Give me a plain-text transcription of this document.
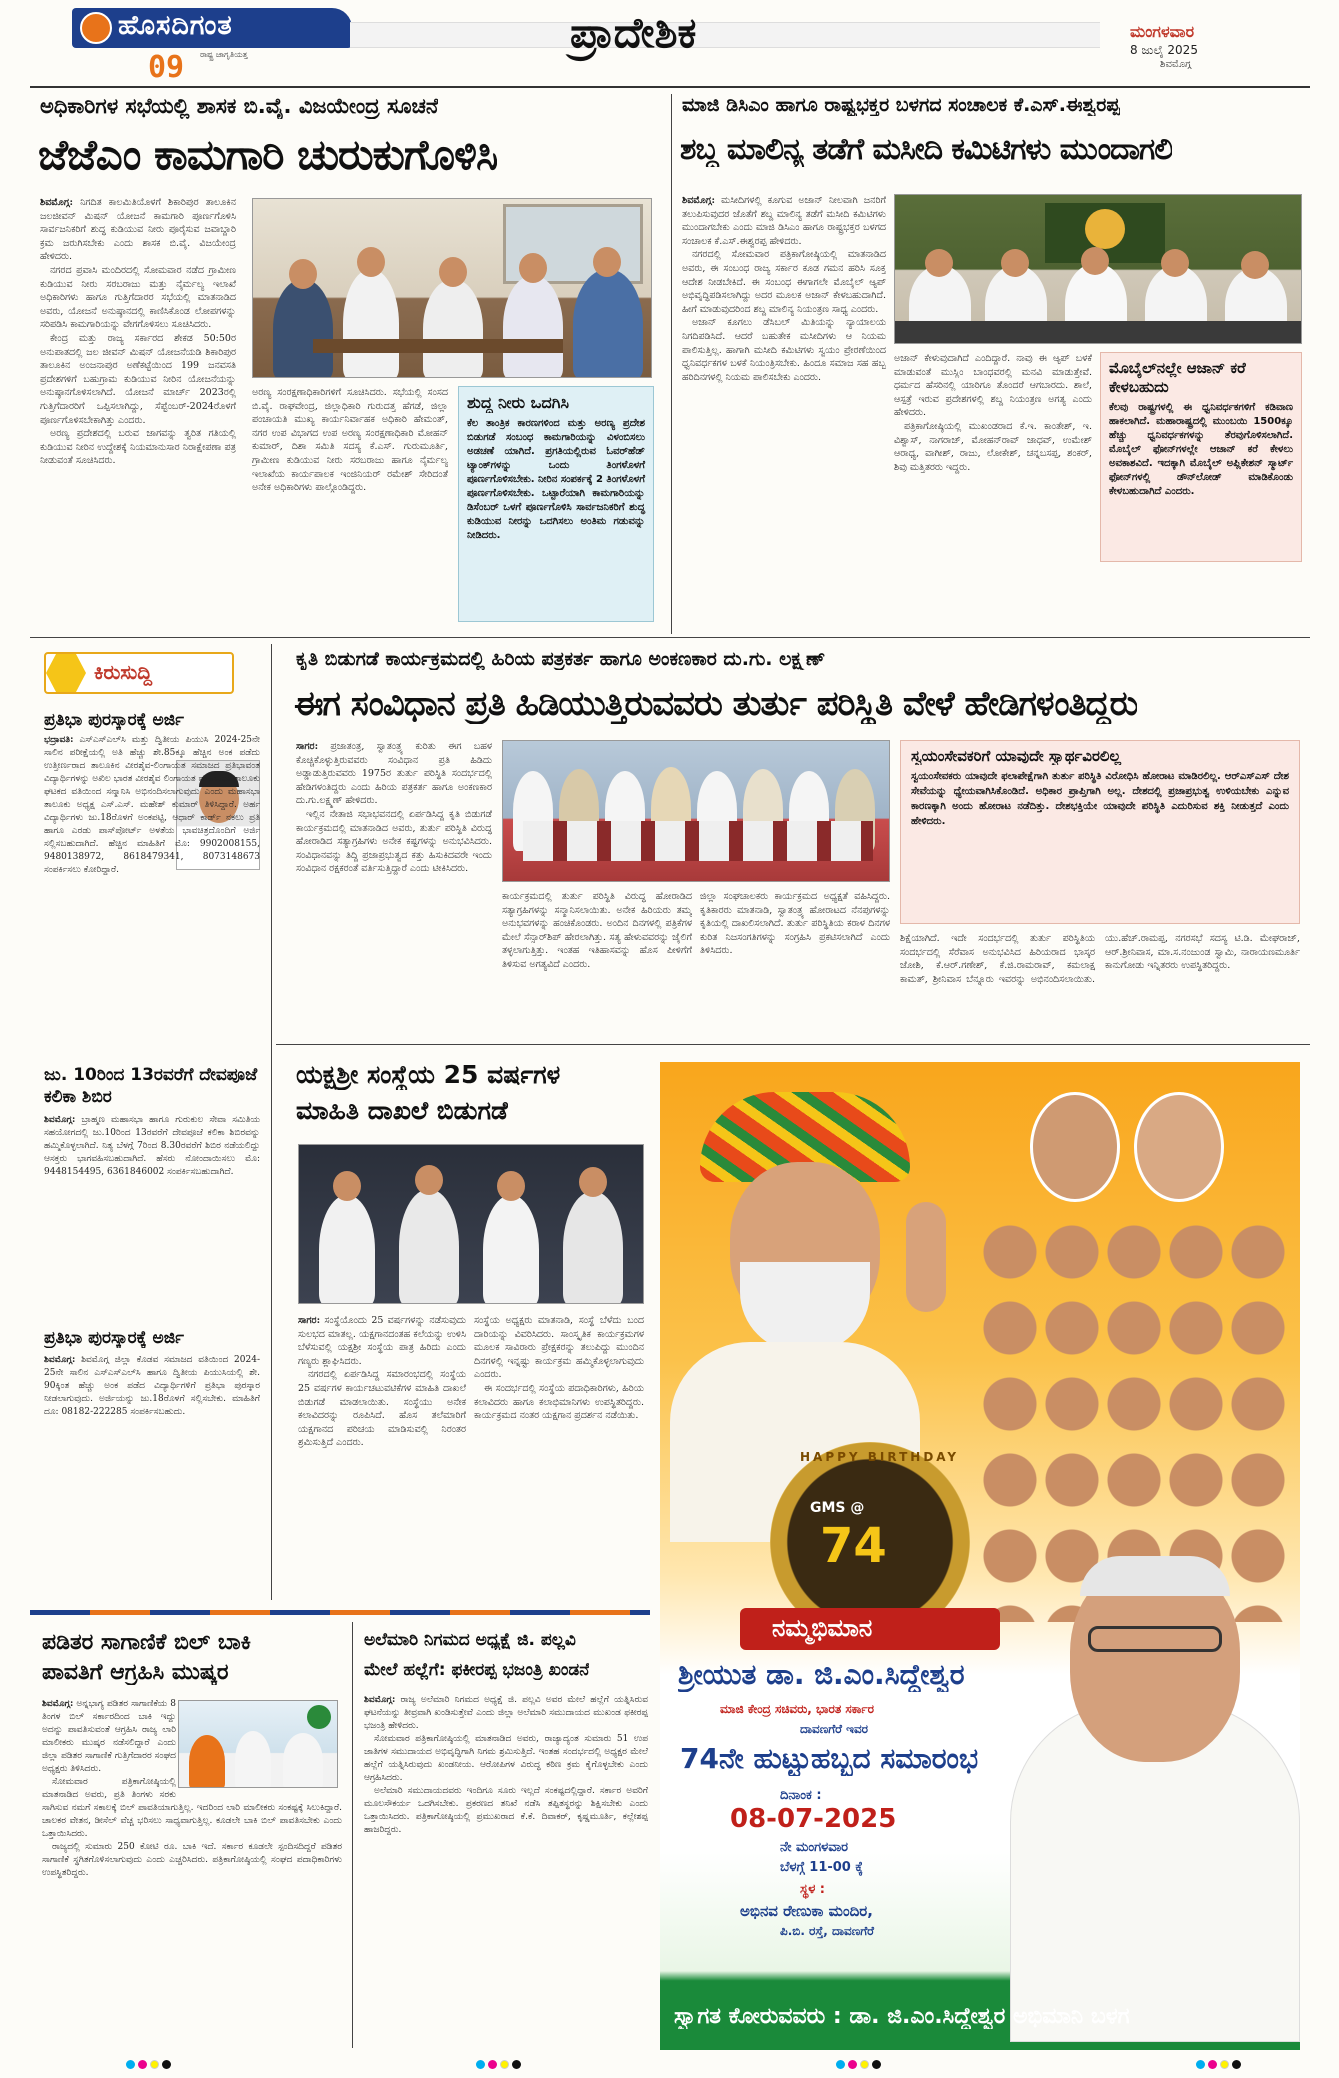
ಹೊಸದಿಗಂತ
ರಾಷ್ಟ್ರ ಜಾಗೃತಿಯತ್ತ
09
ಪ್ರಾದೇಶಿಕ	ಮಂಗಳವಾರ
8 ಜುಲೈ 2025
ಶಿವಮೊಗ್ಗ
ಅಧಿಕಾರಿಗಳ ಸಭೆಯಲ್ಲಿ ಶಾಸಕ ಬಿ.ವೈ. ವಿಜಯೇಂದ್ರ ಸೂಚನೆ
ಜೆಜೆಎಂ ಕಾಮಗಾರಿ ಚುರುಕುಗೊಳಿಸಿ
ಶಿವಮೊಗ್ಗ: ನಿಗದಿತ ಕಾಲಮಿತಿಯೊಳಗೆ ಶಿಕಾರಿಪುರ ತಾಲೂಕಿನ ಜಲಜೀವನ್ ಮಿಷನ್ ಯೋಜನೆ ಕಾಮಗಾರಿ ಪೂರ್ಣಗೊಳಿಸಿ ಸಾರ್ವಜನಿಕರಿಗೆ ಶುದ್ಧ ಕುಡಿಯುವ ನೀರು ಪೂರೈಸುವ ಜವಾಬ್ದಾರಿ ಕ್ರಮ ಜರುಗಿಸಬೇಕು ಎಂದು ಶಾಸಕ ಬಿ.ವೈ. ವಿಜಯೇಂದ್ರ ಹೇಳಿದರು.

ನಗರದ ಪ್ರವಾಸಿ ಮಂದಿರದಲ್ಲಿ ಸೋಮವಾರ ನಡೆದ ಗ್ರಾಮೀಣ ಕುಡಿಯುವ ನೀರು ಸರಬರಾಜು ಮತ್ತು ನೈರ್ಮಲ್ಯ ಇಲಾಖೆ ಅಧಿಕಾರಿಗಳು ಹಾಗೂ ಗುತ್ತಿಗೆದಾರರ ಸಭೆಯಲ್ಲಿ ಮಾತನಾಡಿದ ಅವರು, ಯೋಜನೆ ಅನುಷ್ಠಾನದಲ್ಲಿ ಕಾಣಿಸಿಕೊಂಡ ಲೋಪಗಳನ್ನು ಸರಿಪಡಿಸಿ ಕಾಮಗಾರಿಯನ್ನು ವೇಗಗೊಳಿಸಲು ಸೂಚಿಸಿದರು.

ಕೇಂದ್ರ ಮತ್ತು ರಾಜ್ಯ ಸರ್ಕಾರದ ಶೇಕಡ 50:50ರ ಅನುಪಾತದಲ್ಲಿ ಜಲ ಜೀವನ್ ಮಿಷನ್ ಯೋಜನೆಯಡಿ ಶಿಕಾರಿಪುರ ತಾಲೂಕಿನ ಅಂಜನಾಪುರ ಅಣೆಕಟ್ಟೆಯಿಂದ 199 ಜನವಸತಿ ಪ್ರದೇಶಗಳಿಗೆ ಬಹುಗ್ರಾಮ ಕುಡಿಯುವ ನೀರಿನ ಯೋಜನೆಯನ್ನು ಅನುಷ್ಠಾನಗೊಳಿಸಲಾಗಿದೆ. ಯೋಜನೆ ಮಾರ್ಚ್ 2023ರಲ್ಲಿ ಗುತ್ತಿಗೆದಾರರಿಗೆ ಒಪ್ಪಿಸಲಾಗಿದ್ದು, ಸೆಪ್ಟೆಂಬರ್-2024ರೊಳಗೆ ಪೂರ್ಣಗೊಳಿಸಬೇಕಾಗಿತ್ತು ಎಂದರು.

ಅರಣ್ಯ ಪ್ರದೇಶದಲ್ಲಿ ಬರುವ ಜಾಗವನ್ನು ತ್ವರಿತ ಗತಿಯಲ್ಲಿ ಕುಡಿಯುವ ನೀರಿನ ಉದ್ದೇಶಕ್ಕೆ ನಿಯಮಾನುಸಾರ ನಿರಾಕ್ಷೇಪಣಾ ಪತ್ರ ನೀಡುವಂತೆ ಸೂಚಿಸಿದರು.

ಅರಣ್ಯ ಸಂರಕ್ಷಣಾಧಿಕಾರಿಗಳಿಗೆ ಸೂಚಿಸಿದರು. ಸಭೆಯಲ್ಲಿ ಸಂಸದ ಬಿ.ವೈ. ರಾಘವೇಂದ್ರ, ಜಿಲ್ಲಾಧಿಕಾರಿ ಗುರುದತ್ತ ಹೆಗಡೆ, ಜಿಲ್ಲಾ ಪಂಚಾಯತಿ ಮುಖ್ಯ ಕಾರ್ಯನಿರ್ವಾಹಕ ಅಧಿಕಾರಿ ಹೇಮಂತ್, ನಗರ ಉಪ ವಿಭಾಗದ ಉಪ ಅರಣ್ಯ ಸಂರಕ್ಷಣಾಧಿಕಾರಿ ಮೋಹನ್ ಕುಮಾರ್, ದಿಶಾ ಸಮಿತಿ ಸದಸ್ಯ ಕೆ.ಎಸ್. ಗುರುಮೂರ್ತಿ, ಗ್ರಾಮೀಣ ಕುಡಿಯುವ ನೀರು ಸರಬರಾಜು ಹಾಗೂ ನೈರ್ಮಲ್ಯ ಇಲಾಖೆಯ ಕಾರ್ಯಪಾಲಕ ಇಂಜಿನಿಯರ್ ರಮೇಶ್ ಸೇರಿದಂತೆ ಅನೇಕ ಅಧಿಕಾರಿಗಳು ಪಾಲ್ಗೊಂಡಿದ್ದರು.

ಶುದ್ಧ ನೀರು ಒದಗಿಸಿ
ಕೆಲ ತಾಂತ್ರಿಕ ಕಾರಣಗಳಿಂದ ಮತ್ತು ಅರಣ್ಯ ಪ್ರದೇಶ ಬಿಡುಗಡೆ ಸಂಬಂಧ ಕಾಮಗಾರಿಯನ್ನು ವಿಳಂಬಿಸಲು ಅಡಚಣೆ ಯಾಗಿದೆ. ಪ್ರಗತಿಯಲ್ಲಿರುವ ಓವರ್‌ಹೆಡ್ ಟ್ಯಾಂಕ್‌ಗಳನ್ನು ಒಂದು ತಿಂಗಳೊಳಗೆ ಪೂರ್ಣಗೊಳಿಸಬೇಕು. ನೀರಿನ ಸಂಪರ್ಕಕ್ಕೆ 2 ತಿಂಗಳೊಳಗೆ ಪೂರ್ಣಗೊಳಿಸಬೇಕು. ಒಟ್ಟಾರೆಯಾಗಿ ಕಾಮಗಾರಿಯನ್ನು ಡಿಸೆಂಬರ್ ಒಳಗೆ ಪೂರ್ಣಗೊಳಿಸಿ ಸಾರ್ವಜನಿಕರಿಗೆ ಶುದ್ಧ ಕುಡಿಯುವ ನೀರನ್ನು ಒದಗಿಸಲು ಅಂತಿಮ ಗಡುವನ್ನು ನೀಡಿದರು.
ಮಾಜಿ ಡಿಸಿಎಂ ಹಾಗೂ ರಾಷ್ಟ್ರಭಕ್ತರ ಬಳಗದ ಸಂಚಾಲಕ ಕೆ.ಎಸ್.ಈಶ್ವರಪ್ಪ
ಶಬ್ದ ಮಾಲಿನ್ಯ ತಡೆಗೆ ಮಸೀದಿ ಕಮಿಟಿಗಳು ಮುಂದಾಗಲಿ
ಶಿವಮೊಗ್ಗ: ಮಸೀದಿಗಳಲ್ಲಿ ಕೂಗುವ ಅಜಾನ್ ನೀಲವಾಗಿ ಜನರಿಗೆ ತಲುಪಿಸುವುದರ ಜೊತೆಗೆ ಶಬ್ದ ಮಾಲಿನ್ಯ ತಡೆಗೆ ಮಸೀದಿ ಕಮಿಟಿಗಳು ಮುಂದಾಗಬೇಕು ಎಂದು ಮಾಜಿ ಡಿಸಿಎಂ ಹಾಗೂ ರಾಷ್ಟ್ರಭಕ್ತರ ಬಳಗದ ಸಂಚಾಲಕ ಕೆ.ಎಸ್.ಈಶ್ವರಪ್ಪ ಹೇಳಿದರು.

ನಗರದಲ್ಲಿ ಸೋಮವಾರ ಪತ್ರಿಕಾಗೋಷ್ಠಿಯಲ್ಲಿ ಮಾತನಾಡಿದ ಅವರು, ಈ ಸಂಬಂಧ ರಾಜ್ಯ ಸರ್ಕಾರ ಕೂಡ ಗಮನ ಹರಿಸಿ ಸೂಕ್ತ ಆದೇಶ ನೀಡಬೇಕಿದೆ. ಈ ಸಂಬಂಧ ಈಗಾಗಲೇ ಮೊಬೈಲ್ ಆ್ಯಪ್ ಅಭಿವೃದ್ಧಿಪಡಿಸಲಾಗಿದ್ದು ಅದರ ಮೂಲಕ ಅಜಾನ್ ಕೇಳಬಹುದಾಗಿದೆ. ಹೀಗೆ ಮಾಡುವುದರಿಂದ ಶಬ್ದ ಮಾಲಿನ್ಯ ನಿಯಂತ್ರಣ ಸಾಧ್ಯ ಎಂದರು.

ಅಜಾನ್ ಕೂಗಲು ಡೆಸಿಬಲ್ ಮಿತಿಯನ್ನು ನ್ಯಾಯಾಲಯ ನಿಗದಿಪಡಿಸಿದೆ. ಆದರೆ ಬಹುತೇಕ ಮಸೀದಿಗಳು ಆ ನಿಯಮ ಪಾಲಿಸುತ್ತಿಲ್ಲ. ಹಾಗಾಗಿ ಮಸೀದಿ ಕಮಿಟಿಗಳು ಸ್ವಯಂ ಪ್ರೇರಣೆಯಿಂದ ಧ್ವನಿವರ್ಧಕಗಳ ಬಳಕೆ ನಿಯಂತ್ರಿಸಬೇಕು. ಹಿಂದೂ ಸಮಾಜ ಸಹ ಹಬ್ಬ ಹರಿದಿನಗಳಲ್ಲಿ ನಿಯಮ ಪಾಲಿಸಬೇಕು ಎಂದರು.

ಅಜಾನ್ ಕೇಳುವುದಾಗಿದೆ ಎಂದಿದ್ದಾರೆ. ನಾವು ಈ ಆ್ಯಪ್ ಬಳಕೆ ಮಾಡುವಂತೆ ಮುಸ್ಲಿಂ ಬಾಂಧವರಲ್ಲಿ ಮನವಿ ಮಾಡುತ್ತೇವೆ. ಧರ್ಮದ ಹೆಸರಿನಲ್ಲಿ ಯಾರಿಗೂ ತೊಂದರೆ ಆಗಬಾರದು. ಶಾಲೆ, ಆಸ್ಪತ್ರೆ ಇರುವ ಪ್ರದೇಶಗಳಲ್ಲಿ ಶಬ್ದ ನಿಯಂತ್ರಣ ಅಗತ್ಯ ಎಂದು ಹೇಳಿದರು.

ಪತ್ರಿಕಾಗೋಷ್ಠಿಯಲ್ಲಿ ಮುಖಂಡರಾದ ಕೆ.ಇ. ಕಾಂತೇಶ್, ಇ. ವಿಶ್ವಾಸ್, ನಾಗರಾಜ್, ಮೋಹನ್‌ರಾವ್ ಜಾಧವ್, ಉಮೇಶ್ ಆರಾಧ್ಯ, ವಾಗೀಶ್, ರಾಜು, ಲೋಕೇಶ್, ಚನ್ನಬಸಪ್ಪ, ಶಂಕರ್, ಶಿವು ಮತ್ತಿತರರು ಇದ್ದರು.

ಮೊಬೈಲ್‌ನಲ್ಲೇ ಆಜಾನ್ ಕರೆ ಕೇಳಬಹುದು
ಕೆಲವು ರಾಷ್ಟ್ರಗಳಲ್ಲಿ ಈ ಧ್ವನಿವರ್ಧಕಗಳಿಗೆ ಕಡಿವಾಣ ಹಾಕಲಾಗಿದೆ. ಮಹಾರಾಷ್ಟ್ರದಲ್ಲಿ ಮುಂಬಯಿ 1500ಕ್ಕೂ ಹೆಚ್ಚು ಧ್ವನಿವರ್ಧಕಗಳನ್ನು ತೆರವುಗೊಳಿಸಲಾಗಿದೆ. ಮೊಬೈಲ್ ಫೋನ್‌ಗಳಲ್ಲೇ ಆಜಾನ್ ಕರೆ ಕೇಳಲು ಅವಕಾಶವಿದೆ. ಇದಕ್ಕಾಗಿ ಮೊಬೈಲ್ ಅಪ್ಲಿಕೇಶನ್ ಸ್ಮಾರ್ಟ್ ಫೋನ್‌ಗಳಲ್ಲಿ ಡೌನ್‌ಲೋಡ್ ಮಾಡಿಕೊಂಡು ಕೇಳಬಹುದಾಗಿದೆ ಎಂದರು.
ಕಿರುಸುದ್ದಿ
ಪ್ರತಿಭಾ ಪುರಸ್ಕಾರಕ್ಕೆ ಅರ್ಜಿ
ಭದ್ರಾವತಿ: ಎಸ್‌ಎಸ್‌ಎಲ್‌ಸಿ ಮತ್ತು ದ್ವಿತೀಯ ಪಿಯುಸಿ 2024-25ನೇ ಸಾಲಿನ ಪರೀಕ್ಷೆಯಲ್ಲಿ ಅತಿ ಹೆಚ್ಚು ಶೇ.85ಕ್ಕೂ ಹೆಚ್ಚಿನ ಅಂಕ ಪಡೆದು ಉತ್ತೀರ್ಣರಾದ ತಾಲೂಕಿನ ವೀರಶೈವ-ಲಿಂಗಾಯತ ಸಮಾಜದ ಪ್ರತಿಭಾವಂತ ವಿದ್ಯಾರ್ಥಿಗಳನ್ನು ಅಖಿಲ ಭಾರತ ವೀರಶೈವ ಲಿಂಗಾಯತ ಮಹಾಸಭಾ ತಾಲೂಕು ಘಟಕದ ವತಿಯಿಂದ ಸನ್ಮಾನಿಸಿ ಅಭಿನಂದಿಸಲಾಗುವುದು ಎಂದು ಮಹಾಸಭಾ ತಾಲೂಕು ಅಧ್ಯಕ್ಷ ಎಸ್.ಎಸ್. ಮಹೇಶ್ ಕುಮಾರ್ ತಿಳಿಸಿದ್ದಾರೆ. ಅರ್ಹ ವಿದ್ಯಾರ್ಥಿಗಳು ಜು.18ರೊಳಗೆ ಅಂಕಪಟ್ಟಿ, ಆಧಾರ್ ಕಾರ್ಡ್ ನಕಲು ಪ್ರತಿ ಹಾಗೂ ಎರಡು ಪಾಸ್‌ಪೋರ್ಟ್ ಅಳತೆಯ ಭಾವಚಿತ್ರದೊಂದಿಗೆ ಅರ್ಜಿ ಸಲ್ಲಿಸಬಹುದಾಗಿದೆ. ಹೆಚ್ಚಿನ ಮಾಹಿತಿಗೆ ಮೊ: 9902008155, 9480138972, 8618479341, 8073148673 ಸಂಪರ್ಕಿಸಲು ಕೋರಿದ್ದಾರೆ.
ಜು. 10ರಿಂದ 13ರವರೆಗೆ ದೇವಪೂಜೆ ಕಲಿಕಾ ಶಿಬಿರ
ಶಿವಮೊಗ್ಗ: ಬ್ರಾಹ್ಮಣ ಮಹಾಸಭಾ ಹಾಗೂ ಗುರುಕುಲ ಸೇವಾ ಸಮಿತಿಯ ಸಹಯೋಗದಲ್ಲಿ ಜು.10ರಿಂದ 13ರವರೆಗೆ ದೇವಪೂಜೆ ಕಲಿಕಾ ಶಿಬಿರವನ್ನು ಹಮ್ಮಿಕೊಳ್ಳಲಾಗಿದೆ. ನಿತ್ಯ ಬೆಳಗ್ಗೆ 7ರಿಂದ 8.30ರವರೆಗೆ ಶಿಬಿರ ನಡೆಯಲಿದ್ದು ಆಸಕ್ತರು ಭಾಗವಹಿಸಬಹುದಾಗಿದೆ. ಹೆಸರು ನೋಂದಾಯಿಸಲು ಮೊ: 9448154495, 6361846002 ಸಂಪರ್ಕಿಸಬಹುದಾಗಿದೆ.
ಪ್ರತಿಭಾ ಪುರಸ್ಕಾರಕ್ಕೆ ಅರ್ಜಿ
ಶಿವಮೊಗ್ಗ: ಶಿವಮೊಗ್ಗ ಜಿಲ್ಲಾ ಕೊಡವ ಸಮಾಜದ ವತಿಯಿಂದ 2024-25ನೇ ಸಾಲಿನ ಎಸ್‌ಎಸ್‌ಎಲ್‌ಸಿ ಹಾಗೂ ದ್ವಿತೀಯ ಪಿಯುಸಿಯಲ್ಲಿ ಶೇ. 90ಕ್ಕಿಂತ ಹೆಚ್ಚು ಅಂಕ ಪಡೆದ ವಿದ್ಯಾರ್ಥಿಗಳಿಗೆ ಪ್ರತಿಭಾ ಪುರಸ್ಕಾರ ನೀಡಲಾಗುವುದು. ಅರ್ಜಿಯನ್ನು ಜು.18ರೊಳಗೆ ಸಲ್ಲಿಸಬೇಕು. ಮಾಹಿತಿಗೆ ದೂ: 08182-222285 ಸಂಪರ್ಕಿಸಬಹುದು.
ಕೃತಿ ಬಿಡುಗಡೆ ಕಾರ್ಯಕ್ರಮದಲ್ಲಿ ಹಿರಿಯ ಪತ್ರಕರ್ತ ಹಾಗೂ ಅಂಕಣಕಾರ ದು.ಗು. ಲಕ್ಷ್ಮಣ್
ಈಗ ಸಂವಿಧಾನ ಪ್ರತಿ ಹಿಡಿಯುತ್ತಿರುವವರು ತುರ್ತು ಪರಿಸ್ಥಿತಿ ವೇಳೆ ಹೇಡಿಗಳಂತಿದ್ದರು
ಸಾಗರ: ಪ್ರಜಾತಂತ್ರ, ಸ್ವಾತಂತ್ರ್ಯ ಕುರಿತು ಈಗ ಬಹಳ ಕೊಚ್ಚಿಕೊಳ್ಳುತ್ತಿರುವವರು ಸಂವಿಧಾನ ಪ್ರತಿ ಹಿಡಿದು ಅಡ್ಡಾಡುತ್ತಿರುವವರು 1975ರ ತುರ್ತು ಪರಿಸ್ಥಿತಿ ಸಂದರ್ಭದಲ್ಲಿ ಹೇಡಿಗಳಂತಿದ್ದರು ಎಂದು ಹಿರಿಯ ಪತ್ರಕರ್ತ ಹಾಗೂ ಅಂಕಣಕಾರ ದು.ಗು.ಲಕ್ಷ್ಮಣ್ ಹೇಳಿದರು.

ಇಲ್ಲಿನ ನೇತಾಜಿ ಸಭಾಭವನದಲ್ಲಿ ಏರ್ಪಡಿಸಿದ್ದ ಕೃತಿ ಬಿಡುಗಡೆ ಕಾರ್ಯಕ್ರಮದಲ್ಲಿ ಮಾತನಾಡಿದ ಅವರು, ತುರ್ತು ಪರಿಸ್ಥಿತಿ ವಿರುದ್ಧ ಹೋರಾಡಿದ ಸತ್ಯಾಗ್ರಹಿಗಳು ಅನೇಕ ಕಷ್ಟಗಳನ್ನು ಅನುಭವಿಸಿದರು. ಸಂವಿಧಾನವನ್ನು ತಿದ್ದಿ ಪ್ರಜಾಪ್ರಭುತ್ವದ ಕತ್ತು ಹಿಸುಕಿದವರೇ ಇಂದು ಸಂವಿಧಾನ ರಕ್ಷಕರಂತೆ ವರ್ತಿಸುತ್ತಿದ್ದಾರೆ ಎಂದು ಟೀಕಿಸಿದರು.

ಕಾರ್ಯಕ್ರಮದಲ್ಲಿ ತುರ್ತು ಪರಿಸ್ಥಿತಿ ವಿರುದ್ಧ ಹೋರಾಡಿದ ಸತ್ಯಾಗ್ರಹಿಗಳನ್ನು ಸನ್ಮಾನಿಸಲಾಯಿತು. ಅನೇಕ ಹಿರಿಯರು ತಮ್ಮ ಅನುಭವಗಳನ್ನು ಹಂಚಿಕೊಂಡರು. ಅಂದಿನ ದಿನಗಳಲ್ಲಿ ಪತ್ರಿಕೆಗಳ ಮೇಲೆ ಸೆನ್ಸಾರ್‌ಶಿಪ್ ಹೇರಲಾಗಿತ್ತು. ಸತ್ಯ ಹೇಳುವವರನ್ನು ಜೈಲಿಗೆ ತಳ್ಳಲಾಗುತ್ತಿತ್ತು. ಇಂತಹ ಇತಿಹಾಸವನ್ನು ಹೊಸ ಪೀಳಿಗೆಗೆ ತಿಳಿಸುವ ಅಗತ್ಯವಿದೆ ಎಂದರು.

ಜಿಲ್ಲಾ ಸಂಘಚಾಲಕರು ಕಾರ್ಯಕ್ರಮದ ಅಧ್ಯಕ್ಷತೆ ವಹಿಸಿದ್ದರು. ಕೃತಿಕಾರರು ಮಾತನಾಡಿ, ಸ್ವಾತಂತ್ರ್ಯ ಹೋರಾಟದ ನೆನಪುಗಳನ್ನು ಕೃತಿಯಲ್ಲಿ ದಾಖಲಿಸಲಾಗಿದೆ. ತುರ್ತು ಪರಿಸ್ಥಿತಿಯ ಕರಾಳ ದಿನಗಳ ಕುರಿತ ನಿಜಸಂಗತಿಗಳನ್ನು ಸಂಗ್ರಹಿಸಿ ಪ್ರಕಟಿಸಲಾಗಿದೆ ಎಂದು ತಿಳಿಸಿದರು.

ಸ್ವಯಂಸೇವಕರಿಗೆ ಯಾವುದೇ ಸ್ವಾರ್ಥವಿರಲಿಲ್ಲ
ಸ್ವಯಂಸೇವಕರು ಯಾವುದೇ ಫಲಾಪೇಕ್ಷೆಗಾಗಿ ತುರ್ತು ಪರಿಸ್ಥಿತಿ ವಿರೋಧಿಸಿ ಹೋರಾಟ ಮಾಡಿರಲಿಲ್ಲ. ಆರ್‌ಎಸ್‌ಎಸ್ ದೇಶ ಸೇವೆಯನ್ನು ಧ್ಯೇಯವಾಗಿಸಿಕೊಂಡಿದೆ. ಅಧಿಕಾರ ಪ್ರಾಪ್ತಿಗಾಗಿ ಅಲ್ಲ. ದೇಶದಲ್ಲಿ ಪ್ರಜಾಪ್ರಭುತ್ವ ಉಳಿಯಬೇಕು ಎನ್ನುವ ಕಾರಣಕ್ಕಾಗಿ ಅಂದು ಹೋರಾಟ ನಡೆದಿತ್ತು. ದೇಶಭಕ್ತಿಯೇ ಯಾವುದೇ ಪರಿಸ್ಥಿತಿ ಎದುರಿಸುವ ಶಕ್ತಿ ನೀಡುತ್ತದೆ ಎಂದು ಹೇಳಿದರು.

ಶಿಕ್ಷೆಯಾಗಿದೆ. ಇದೇ ಸಂದರ್ಭದಲ್ಲಿ ತುರ್ತು ಪರಿಸ್ಥಿತಿಯ ಸಂದರ್ಭದಲ್ಲಿ ಸೆರೆವಾಸ ಅನುಭವಿಸಿದ ಹಿರಿಯರಾದ ಭಾಸ್ಕರ ಜೋಶಿ, ಕೆ.ಆರ್.ಗಣೇಶ್, ಕೆ.ಜಿ.ರಾಮರಾವ್, ಕಮಲಾಕ್ಷ ಕಾಮತ್, ಶ್ರೀನಿವಾಸ ಬೆನ್ನೂರು ಇವರನ್ನು ಅಭಿನಂದಿಸಲಾಯಿತು. ಯು.ಹೆಚ್.ರಾಮಪ್ಪ, ನಗರಸಭೆ ಸದಸ್ಯ ಟಿ.ಡಿ. ಮೇಘರಾಜ್, ಆರ್.ಶ್ರೀನಿವಾಸ, ಮಾ.ಸ.ನಂಜುಂಡ ಸ್ವಾಮಿ, ನಾರಾಯಣಮೂರ್ತಿ ಕಾನುಗೋಡು ಇನ್ನಿತರರು ಉಪಸ್ಥಿತರಿದ್ದರು.

ಯಕ್ಷಶ್ರೀ ಸಂಸ್ಥೆಯ 25 ವರ್ಷಗಳ
ಮಾಹಿತಿ ದಾಖಲೆ ಬಿಡುಗಡೆ
ಸಾಗರ: ಸಂಸ್ಥೆಯೊಂದು 25 ವರ್ಷಗಳನ್ನು ನಡೆಸುವುದು ಸುಲಭದ ಮಾತಲ್ಲ. ಯಕ್ಷಗಾನದಂತಹ ಕಲೆಯನ್ನು ಉಳಿಸಿ ಬೆಳೆಸುವಲ್ಲಿ ಯಕ್ಷಶ್ರೀ ಸಂಸ್ಥೆಯ ಪಾತ್ರ ಹಿರಿದು ಎಂದು ಗಣ್ಯರು ಶ್ಲಾಘಿಸಿದರು.

ನಗರದಲ್ಲಿ ಏರ್ಪಡಿಸಿದ್ದ ಸಮಾರಂಭದಲ್ಲಿ ಸಂಸ್ಥೆಯ 25 ವರ್ಷಗಳ ಕಾರ್ಯಚಟುವಟಿಕೆಗಳ ಮಾಹಿತಿ ದಾಖಲೆ ಬಿಡುಗಡೆ ಮಾಡಲಾಯಿತು. ಸಂಸ್ಥೆಯು ಅನೇಕ ಕಲಾವಿದರನ್ನು ರೂಪಿಸಿದೆ. ಹೊಸ ತಲೆಮಾರಿಗೆ ಯಕ್ಷಗಾನದ ಪರಿಚಯ ಮಾಡಿಸುವಲ್ಲಿ ನಿರಂತರ ಶ್ರಮಿಸುತ್ತಿದೆ ಎಂದರು.

ಸಂಸ್ಥೆಯ ಅಧ್ಯಕ್ಷರು ಮಾತನಾಡಿ, ಸಂಸ್ಥೆ ಬೆಳೆದು ಬಂದ ದಾರಿಯನ್ನು ವಿವರಿಸಿದರು. ಸಾಂಸ್ಕೃತಿಕ ಕಾರ್ಯಕ್ರಮಗಳ ಮೂಲಕ ಸಾವಿರಾರು ಪ್ರೇಕ್ಷಕರನ್ನು ತಲುಪಿದ್ದು ಮುಂದಿನ ದಿನಗಳಲ್ಲಿ ಇನ್ನಷ್ಟು ಕಾರ್ಯಕ್ರಮ ಹಮ್ಮಿಕೊಳ್ಳಲಾಗುವುದು ಎಂದರು.

ಈ ಸಂದರ್ಭದಲ್ಲಿ ಸಂಸ್ಥೆಯ ಪದಾಧಿಕಾರಿಗಳು, ಹಿರಿಯ ಕಲಾವಿದರು ಹಾಗೂ ಕಲಾಭಿಮಾನಿಗಳು ಉಪಸ್ಥಿತರಿದ್ದರು. ಕಾರ್ಯಕ್ರಮದ ನಂತರ ಯಕ್ಷಗಾನ ಪ್ರದರ್ಶನ ನಡೆಯಿತು.

HAPPY BIRTHDAY
GMS @
74
ನಮ್ಮಭಿಮಾನ
ಶ್ರೀಯುತ ಡಾ. ಜಿ.ಎಂ.ಸಿದ್ದೇಶ್ವರ
ಮಾಜಿ ಕೇಂದ್ರ ಸಚಿವರು, ಭಾರತ ಸರ್ಕಾರ
ದಾವಣಗೆರೆ ಇವರ
74ನೇ ಹುಟ್ಟುಹಬ್ಬದ ಸಮಾರಂಭ
ದಿನಾಂಕ :
08-07-2025
ನೇ ಮಂಗಳವಾರ
ಬೆಳಗ್ಗೆ 11-00 ಕ್ಕೆ
ಸ್ಥಳ :
ಅಭಿನವ ರೇಣುಕಾ ಮಂದಿರ,
ಪಿ.ಬಿ. ರಸ್ತೆ, ದಾವಣಗೆರೆ
ಸ್ವಾಗತ ಕೋರುವವರು : ಡಾ. ಜಿ.ಎಂ.ಸಿದ್ದೇಶ್ವರ ಅಭಿಮಾನಿ ಬಳಗ
ಪಡಿತರ ಸಾಗಾಣಿಕೆ ಬಿಲ್ ಬಾಕಿ
ಪಾವತಿಗೆ ಆಗ್ರಹಿಸಿ ಮುಷ್ಕರ
ಶಿವಮೊಗ್ಗ: ಅನ್ನಭಾಗ್ಯ ಪಡಿತರ ಸಾಗಾಣಿಕೆಯ 8 ತಿಂಗಳ ಬಿಲ್ ಸರ್ಕಾರದಿಂದ ಬಾಕಿ ಇದ್ದು ಅದನ್ನು ಪಾವತಿಸುವಂತೆ ಆಗ್ರಹಿಸಿ ರಾಜ್ಯ ಲಾರಿ ಮಾಲೀಕರು ಮುಷ್ಕರ ನಡೆಸಲಿದ್ದಾರೆ ಎಂದು ಜಿಲ್ಲಾ ಪಡಿತರ ಸಾಗಾಣಿಕೆ ಗುತ್ತಿಗೆದಾರರ ಸಂಘದ ಅಧ್ಯಕ್ಷರು ತಿಳಿಸಿದರು.

ಸೋಮವಾರ ಪತ್ರಿಕಾಗೋಷ್ಠಿಯಲ್ಲಿ ಮಾತನಾಡಿದ ಅವರು, ಪ್ರತಿ ತಿಂಗಳು ಸರಕು ಸಾಗಿಸುವ ನಮಗೆ ಸಕಾಲಕ್ಕೆ ಬಿಲ್ ಪಾವತಿಯಾಗುತ್ತಿಲ್ಲ. ಇದರಿಂದ ಲಾರಿ ಮಾಲೀಕರು ಸಂಕಷ್ಟಕ್ಕೆ ಸಿಲುಕಿದ್ದಾರೆ. ಚಾಲಕರ ವೇತನ, ಡೀಸೆಲ್ ವೆಚ್ಚ ಭರಿಸಲು ಸಾಧ್ಯವಾಗುತ್ತಿಲ್ಲ. ಕೂಡಲೇ ಬಾಕಿ ಬಿಲ್ ಪಾವತಿಸಬೇಕು ಎಂದು ಒತ್ತಾಯಿಸಿದರು.

ರಾಜ್ಯದಲ್ಲಿ ಸುಮಾರು 250 ಕೋಟಿ ರೂ. ಬಾಕಿ ಇದೆ. ಸರ್ಕಾರ ಕೂಡಲೇ ಸ್ಪಂದಿಸದಿದ್ದರೆ ಪಡಿತರ ಸಾಗಾಣಿಕೆ ಸ್ಥಗಿತಗೊಳಿಸಲಾಗುವುದು ಎಂದು ಎಚ್ಚರಿಸಿದರು. ಪತ್ರಿಕಾಗೋಷ್ಠಿಯಲ್ಲಿ ಸಂಘದ ಪದಾಧಿಕಾರಿಗಳು ಉಪಸ್ಥಿತರಿದ್ದರು.

ಅಲೆಮಾರಿ ನಿಗಮದ ಅಧ್ಯಕ್ಷೆ ಜಿ. ಪಲ್ಲವಿ
ಮೇಲೆ ಹಲ್ಲೆಗೆ: ಫಕೀರಪ್ಪ ಭಜಂತ್ರಿ ಖಂಡನೆ
ಶಿವಮೊಗ್ಗ: ರಾಜ್ಯ ಅಲೆಮಾರಿ ನಿಗಮದ ಅಧ್ಯಕ್ಷೆ ಜಿ. ಪಲ್ಲವಿ ಅವರ ಮೇಲೆ ಹಲ್ಲೆಗೆ ಯತ್ನಿಸಿರುವ ಘಟನೆಯನ್ನು ತೀವ್ರವಾಗಿ ಖಂಡಿಸುತ್ತೇವೆ ಎಂದು ಜಿಲ್ಲಾ ಅಲೆಮಾರಿ ಸಮುದಾಯದ ಮುಖಂಡ ಫಕೀರಪ್ಪ ಭಜಂತ್ರಿ ಹೇಳಿದರು.

ಸೋಮವಾರ ಪತ್ರಿಕಾಗೋಷ್ಠಿಯಲ್ಲಿ ಮಾತನಾಡಿದ ಅವರು, ರಾಜ್ಯಾದ್ಯಂತ ಸುಮಾರು 51 ಉಪ ಜಾತಿಗಳ ಸಮುದಾಯದ ಅಭಿವೃದ್ಧಿಗಾಗಿ ನಿಗಮ ಶ್ರಮಿಸುತ್ತಿದೆ. ಇಂತಹ ಸಂದರ್ಭದಲ್ಲಿ ಅಧ್ಯಕ್ಷರ ಮೇಲೆ ಹಲ್ಲೆಗೆ ಯತ್ನಿಸಿರುವುದು ಖಂಡನೀಯ. ಆರೋಪಿಗಳ ವಿರುದ್ಧ ಕಠಿಣ ಕ್ರಮ ಕೈಗೊಳ್ಳಬೇಕು ಎಂದು ಆಗ್ರಹಿಸಿದರು.

ಅಲೆಮಾರಿ ಸಮುದಾಯದವರು ಇಂದಿಗೂ ಸೂರು ಇಲ್ಲದೆ ಸಂಕಷ್ಟದಲ್ಲಿದ್ದಾರೆ. ಸರ್ಕಾರ ಅವರಿಗೆ ಮೂಲಸೌಕರ್ಯ ಒದಗಿಸಬೇಕು. ಪ್ರಕರಣದ ತನಿಖೆ ನಡೆಸಿ ತಪ್ಪಿತಸ್ಥರನ್ನು ಶಿಕ್ಷಿಸಬೇಕು ಎಂದು ಒತ್ತಾಯಿಸಿದರು. ಪತ್ರಿಕಾಗೋಷ್ಠಿಯಲ್ಲಿ ಪ್ರಮುಖರಾದ ಕೆ.ಕೆ. ದಿವಾಕರ್, ಕೃಷ್ಣಮೂರ್ತಿ, ಕಲ್ಲೇಶಪ್ಪ ಹಾಜರಿದ್ದರು.
